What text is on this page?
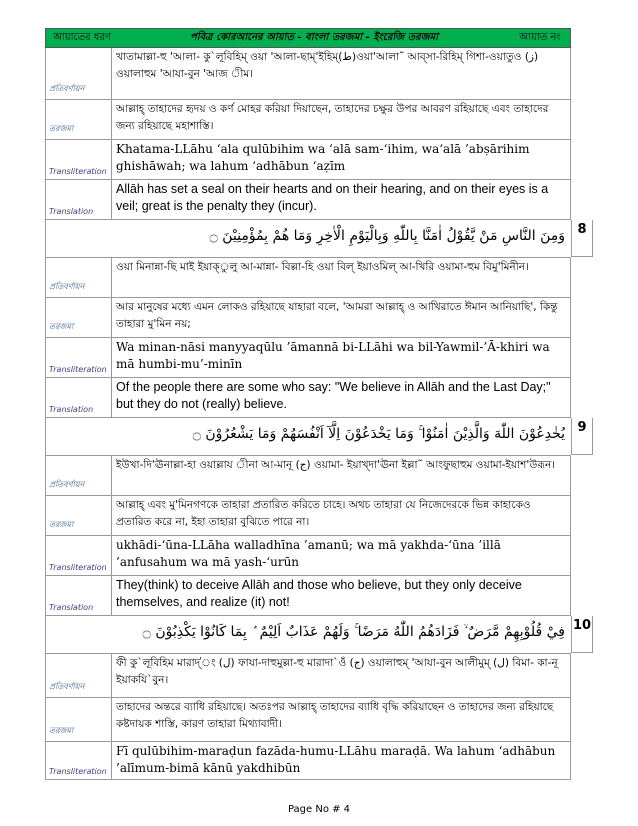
আয়াতের ধরণ	পবিত্র কোরআনের আয়াত - বাংলা তরজমা - ইংরেজি তরজমা	আয়াত নং
প্রতিবর্ণায়ন
খাতামাল্লা-হু 'আলা- কু`লূবিহিম্ ওয়া 'আলা-ছাম্'ইহিম্(ط)ওয়া'আলা˜ আব্সা-রিহিম্ গিশা-ওয়াতুও (ز) ওয়ালাহুম 'আযা-বুন 'আজ ীম।
তরজমা
আল্লাহ্ তাহাদের হৃদয় ও কর্ণ মোহর করিয়া দিয়াছেন, তাহাদের চক্ষুর উপর আবরণ রহিয়াছে এবং তাহাদের জন্য রহিয়াছে মহাশাস্তি।
Transliteration
Khatama-LLāhu ‘ala qulūbihim wa ‘alā sam-‘ihim, wa‘alā ’abṣārihim ghishāwah; wa lahum ‘adhābun ‘aẓīm
Translation
Allāh has set a seal on their hearts and on their hearing, and on their eyes is a veil; great is the penalty they (incur).
وَمِنَ النَّاسِ مَنْ يَّقُوْلُ اٰمَنَّا بِاللّٰهِ وَبِالْيَوْمِ الْاٰخِرِ وَمَا هُمْ بِمُؤْمِنِيْنَ ۝ 8
প্রতিবর্ণায়ন
ওয়া মিনান্না-ছি মাই ইয়াক্ুলু আ-মান্না- বিল্লা-হি ওয়া বিল্ ইয়াওমিল্ আ-খিরি ওয়ামা-হুম বিমু'মিনীন।
তরজমা
আর মানুষের মধ্যে এমন লোকও রহিয়াছে যাহারা বলে, 'আমরা আল্লাহ্ ও আখিরাতে ঈমান আনিয়াছি', কিন্তু তাহারা মু'মিন নয়;
Transliteration
Wa minan-nāsi manyyaqūlu ’āmannā bi-LLāhi wa bil-Yawmil-’Ā-khiri wa mā humbi-mu’-minīn
Translation
Of the people there are some who say: "We believe in Allāh and the Last Day;" but they do not (really) believe.
يُخٰدِعُوْنَ اللّٰهَ وَالَّذِيْنَ اٰمَنُوْا ۚ وَمَا يَخْدَعُوْنَ اِلَّآ اَنْفُسَهُمْ وَمَا يَشْعُرُوْنَ ۝ 9
প্রতিবর্ণায়ন
ইউখা-দি'ঊনাল্লা-হা ওয়াল্লায ীনা আ-মানূ (ج) ওয়ামা- ইয়াখ্দা'ঊনা ইল্লা˜ আংফুছাহুম ওয়ামা-ইয়াশ'উরূন।
তরজমা
আল্লাহ্ এবং মু'মিনগণকে তাহারা প্রতারিত করিতে চাহে। অথচ তাহারা যে নিজেদেরকে ভিন্ন কাহাকেও প্রতারিত করে না, ইহা তাহারা বুঝিতে পারে না।
Transliteration
ukhādi-‘ūna-LLāha walladhīna ’amanū; wa mā yakhda-‘ūna ’illā ’anfusahum wa mā yash-‘urūn
Translation
They(think) to deceive Allāh and those who believe, but they only deceive themselves, and realize (it) not!
فِيْ قُلُوْبِهِمْ مَّرَضٌ ۙ فَزَادَهُمُ اللّٰهُ مَرَضًا ۚ وَلَهُمْ عَذَابٌ اَلِيْمٌ ۢ بِمَا كَانُوْا يَكْذِبُوْنَ ۝ 10
প্রতিবর্ণায়ন
ফী কু`লূবিহিম মারাদ্'ং (ل) ফাযা-দাহুমুল্লা-হু মারাদা`ওঁ (ج) ওয়ালাহুম্ 'আযা-বুন আলীমুম্ (ل) বিমা- কা-নূ ইয়াকযি`বুন।
তরজমা
তাহাদের অন্তরে ব্যাধি রহিয়াছে। অতঃপর আল্লাহ্ তাহাদের ব্যাধি বৃদ্ধি করিয়াছেন ও তাহাদের জন্য রহিয়াছে কষ্টদায়ক শাস্তি, কারণ তাহারা মিথ্যাবাদী।
Transliteration
Fī qulūbihim-maraḍun fazāda-humu-LLāhu maraḍā. Wa lahum ‘adhābun ’alīmum-bimā kānū yakdhibūn
Page No # 4
